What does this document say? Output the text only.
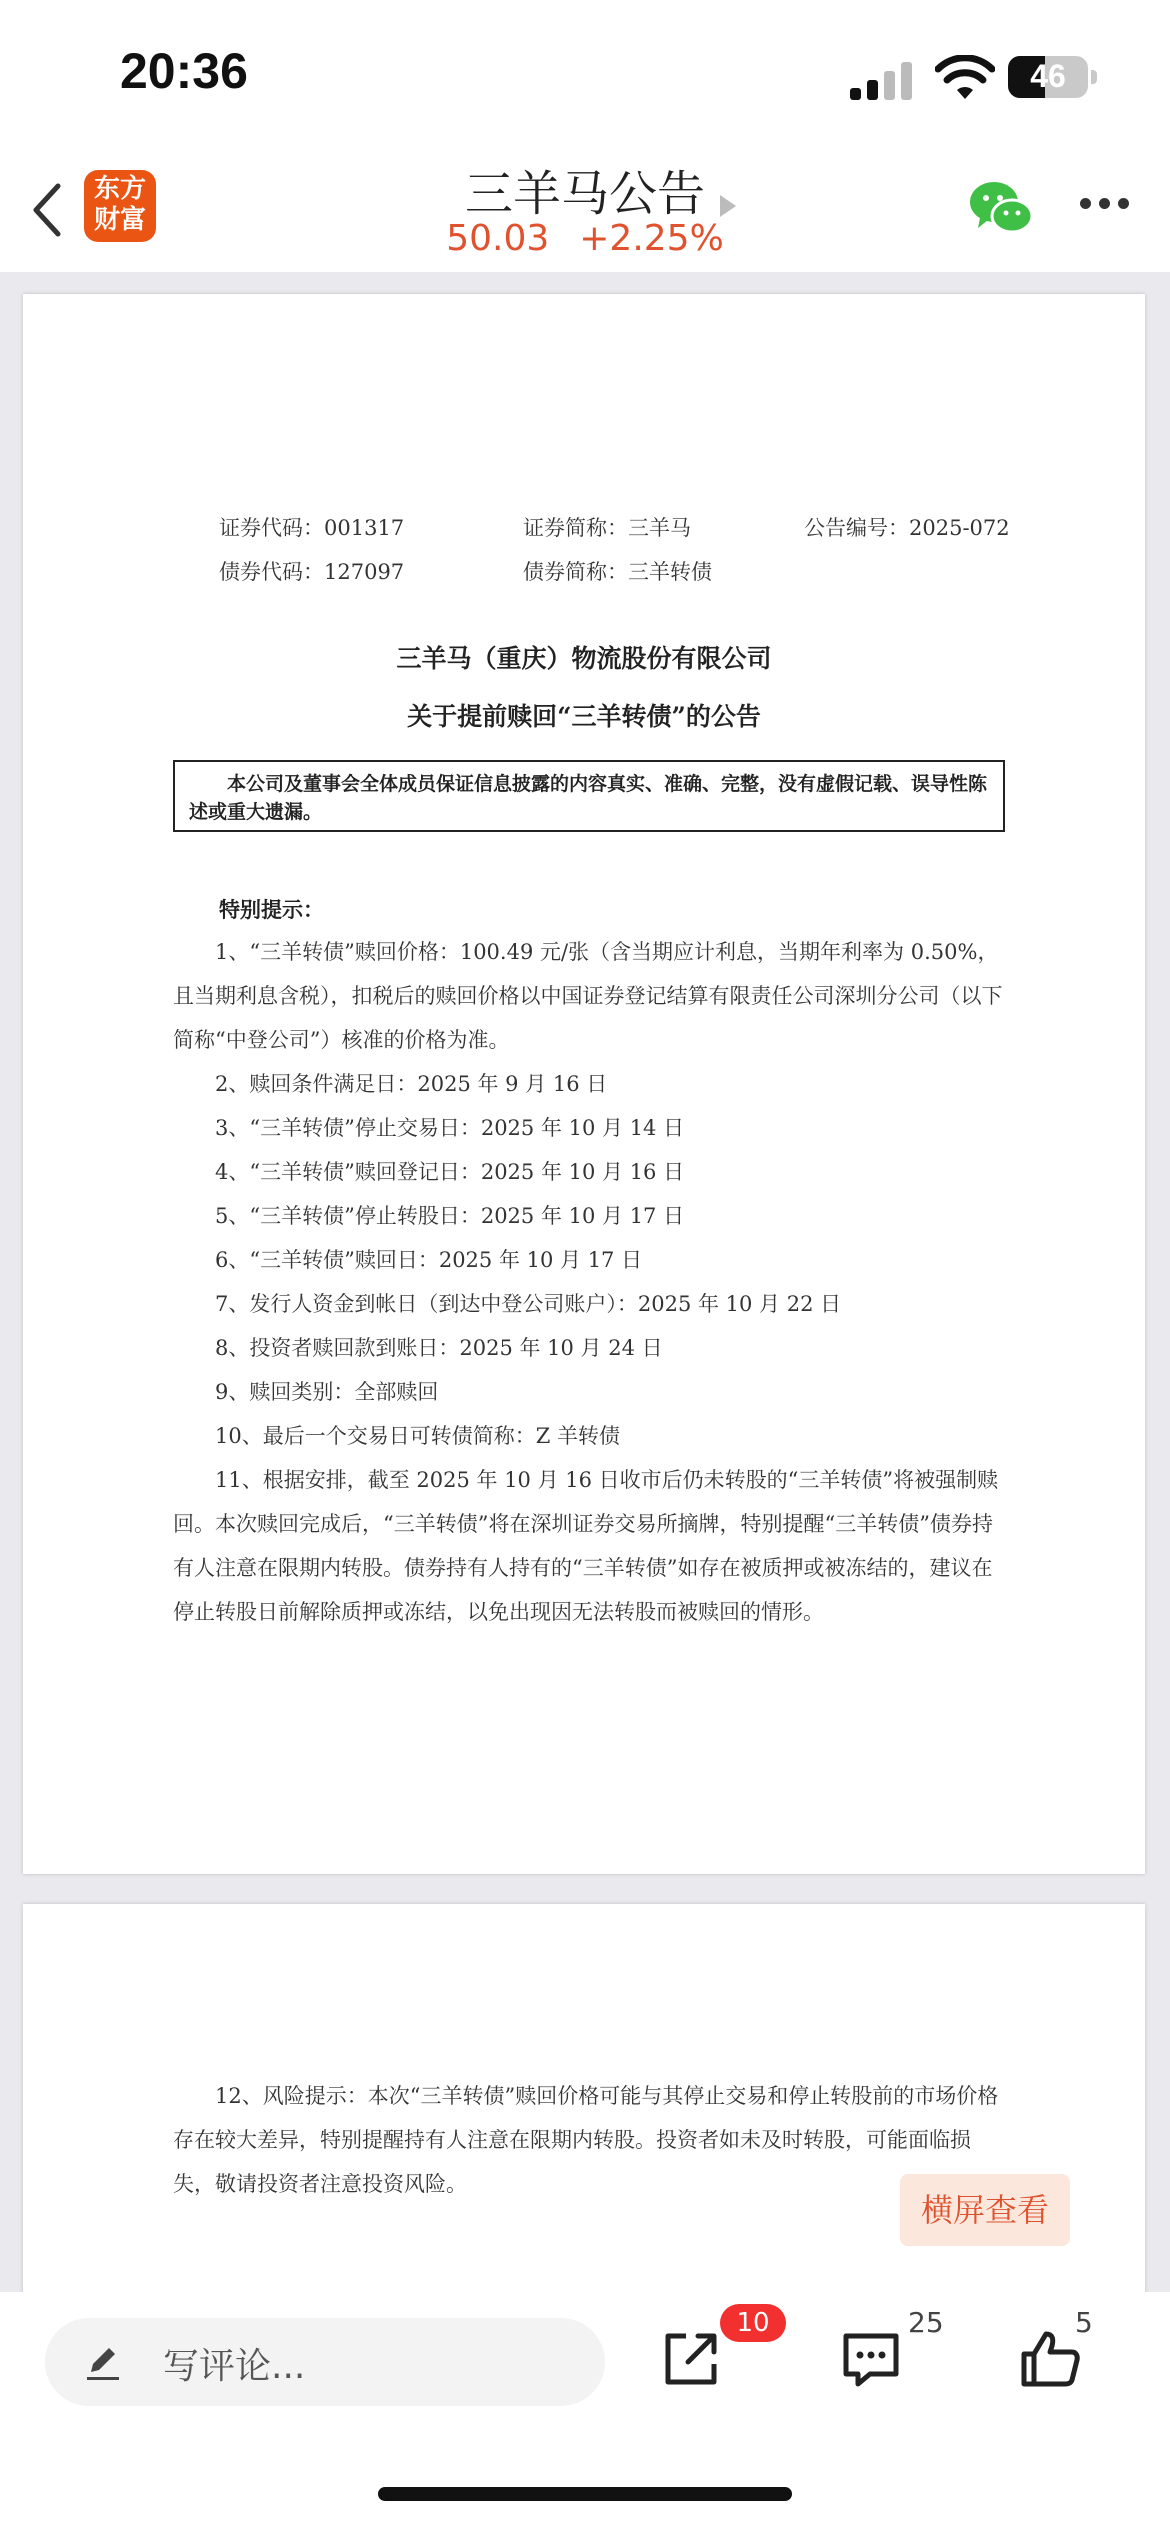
20:36	46
东方
财富	三羊马公告
50.03 +2.25%
证券代码：001317	证券简称：三羊马	公告编号：2025-072
债券代码：127097	债券简称：三羊转债
三羊马（重庆）物流股份有限公司
关于提前赎回“三羊转债”的公告
本公司及董事会全体成员保证信息披露的内容真实、准确、完整，没有虚假记载、误导性陈述或重大遗漏。
特别提示：

1、“三羊转债”赎回价格：100.49 元/张（含当期应计利息，当期年利率为 0.50%，且当期利息含税），扣税后的赎回价格以中国证券登记结算有限责任公司深圳分公司（以下简称“中登公司”）核准的价格为准。

2、赎回条件满足日：2025 年 9 月 16 日

3、“三羊转债”停止交易日：2025 年 10 月 14 日

4、“三羊转债”赎回登记日：2025 年 10 月 16 日

5、“三羊转债”停止转股日：2025 年 10 月 17 日

6、“三羊转债”赎回日：2025 年 10 月 17 日

7、发行人资金到帐日（到达中登公司账户）：2025 年 10 月 22 日

8、投资者赎回款到账日：2025 年 10 月 24 日

9、赎回类别：全部赎回

10、最后一个交易日可转债简称：Z 羊转债

11、根据安排，截至 2025 年 10 月 16 日收市后仍未转股的“三羊转债”将被强制赎回。本次赎回完成后，“三羊转债”将在深圳证券交易所摘牌，特别提醒“三羊转债”债券持有人注意在限期内转股。债券持有人持有的“三羊转债”如存在被质押或被冻结的，建议在停止转股日前解除质押或冻结，以免出现因无法转股而被赎回的情形。

12、风险提示：本次“三羊转债”赎回价格可能与其停止交易和停止转股前的市场价格存在较大差异，特别提醒持有人注意在限期内转股。投资者如未及时转股，可能面临损失，敬请投资者注意投资风险。

横屏查看
写评论...
10	25	5
